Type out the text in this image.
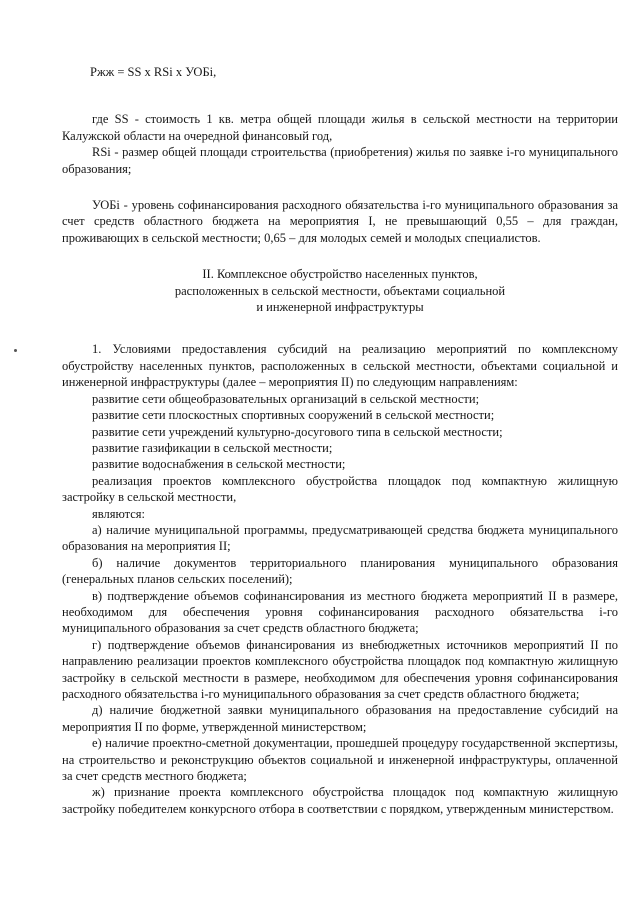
Ржж = SS x RSi x УОБi,

где SS - стоимость 1 кв. метра общей площади жилья в сельской местности на территории Калужской области на очередной финансовый год,

RSi - размер общей площади строительства (приобретения) жилья по заявке i-го муниципального образования;

УОБi - уровень софинансирования расходного обязательства i-го муниципального образования за счет средств областного бюджета на мероприятия I, не превышающий 0,55 – для граждан, проживающих в сельской местности; 0,65 – для молодых семей и молодых специалистов.

II. Комплексное обустройство населенных пунктов,
расположенных в сельской местности, объектами социальной
и инженерной инфраструктуры

1. Условиями предоставления субсидий на реализацию мероприятий по комплексному обустройству населенных пунктов, расположенных в сельской местности, объектами социальной и инженерной инфраструктуры (далее – мероприятия II) по следующим направлениям:

развитие сети общеобразовательных организаций в сельской местности;

развитие сети плоскостных спортивных сооружений в сельской местности;

развитие сети учреждений культурно-досугового типа в сельской местности;

развитие газификации в сельской местности;

развитие водоснабжения в сельской местности;

реализация проектов комплексного обустройства площадок под компактную жилищную застройку в сельской местности,

являются:

а) наличие муниципальной программы, предусматривающей средства бюджета муниципального образования на мероприятия II;

б) наличие документов территориального планирования муниципального образования (генеральных планов сельских поселений);

в) подтверждение объемов софинансирования из местного бюджета мероприятий II в размере, необходимом для обеспечения уровня софинансирования расходного обязательства i-го муниципального образования за счет средств областного бюджета;

г) подтверждение объемов финансирования из внебюджетных источников мероприятий II по направлению реализации проектов комплексного обустройства площадок под компактную жилищную застройку в сельской местности в размере, необходимом для обеспечения уровня софинансирования расходного обязательства i-го муниципального образования за счет средств областного бюджета;

д) наличие бюджетной заявки муниципального образования на предоставление субсидий на мероприятия II по форме, утвержденной министерством;

е) наличие проектно-сметной документации, прошедшей процедуру государственной экспертизы, на строительство и реконструкцию объектов социальной и инженерной инфраструктуры, оплаченной за счет средств местного бюджета;

ж) признание проекта комплексного обустройства площадок под компактную жилищную застройку победителем конкурсного отбора в соответствии с порядком, утвержденным министерством.
